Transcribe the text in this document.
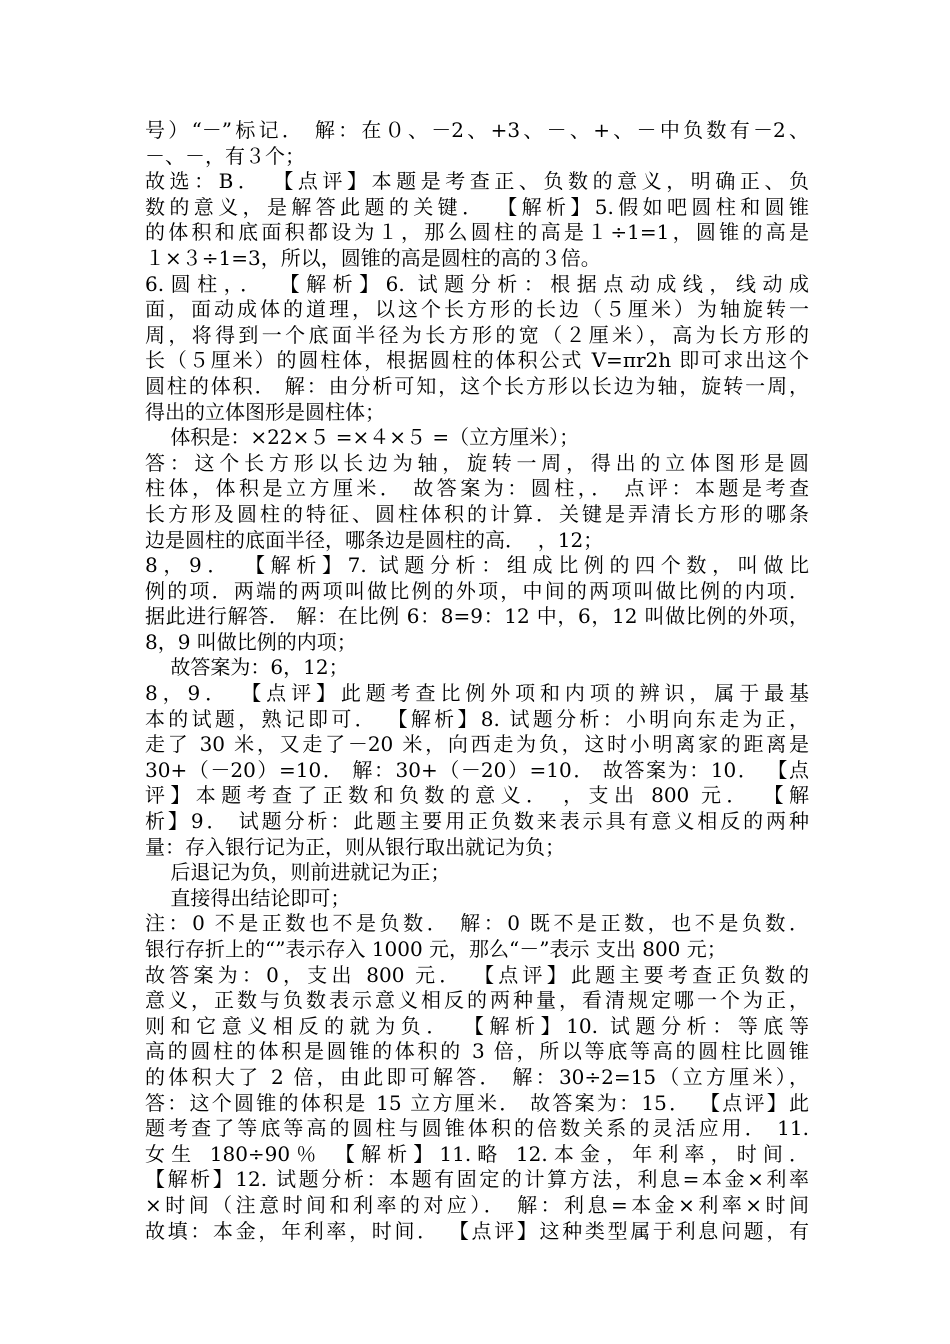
号）“－”标记． 解：在０、－2、+3、－、+、－中负数有－2、
－、－，有３个；
故选：B． 【点评】本题是考查正、负数的意义，明确正、负
数的意义，是解答此题的关键． 【解析】5.假如吧圆柱和圆锥
的体积和底面积都设为１，那么圆柱的高是１÷1=1，圆锥的高是
１×３÷1=3，所以，圆锥的高是圆柱的高的３倍。
6.圆柱，． 【解析】6. 试题分析：根据点动成线，线动成
面，面动成体的道理，以这个长方形的长边（５厘米）为轴旋转一
周，将得到一个底面半径为长方形的宽（２厘米），高为长方形的
长（５厘米）的圆柱体，根据圆柱的体积公式 V=πr2h 即可求出这个
圆柱的体积． 解：由分析可知，这个长方形以长边为轴，旋转一周，
得出的立体图形是圆柱体；
体积是：×22×５ =×４×５ =（立方厘米）；
答：这个长方形以长边为轴，旋转一周，得出的立体图形是圆
柱体，体积是立方厘米． 故答案为：圆柱，． 点评：本题是考查
长方形及圆柱的特征、圆柱体积的计算．关键是弄清长方形的哪条
边是圆柱的底面半径，哪条边是圆柱的高．  ，12；
8，9． 【解析】7. 试题分析：组成比例的四个数，叫做比
例的项．两端的两项叫做比例的外项，中间的两项叫做比例的内项．
据此进行解答． 解：在比例 6：8=9：12 中，6，12 叫做比例的外项，
8，9 叫做比例的内项；
故答案为：6，12；
8，9． 【点评】此题考查比例外项和内项的辨识，属于最基
本的试题，熟记即可． 【解析】8. 试题分析：小明向东走为正，
走了 30 米，又走了－20 米，向西走为负，这时小明离家的距离是
30+（－20）=10． 解：30+（－20）=10． 故答案为：10． 【点
评】本题考查了正数和负数的意义． ，支出 800 元． 【解
析】9． 试题分析：此题主要用正负数来表示具有意义相反的两种
量：存入银行记为正，则从银行取出就记为负；
后退记为负，则前进就记为正；
直接得出结论即可；
注：0 不是正数也不是负数． 解：0 既不是正数，也不是负数．
银行存折上的“”表示存入 1000 元，那么“－”表示 支出 800 元；
故答案为：0，支出 800 元． 【点评】此题主要考查正负数的
意义，正数与负数表示意义相反的两种量，看清规定哪一个为正，
则和它意义相反的就为负． 【解析】10. 试题分析：等底等
高的圆柱的体积是圆锥的体积的 3 倍，所以等底等高的圆柱比圆锥
的体积大了 2 倍，由此即可解答． 解：30÷2=15（立方厘米），
答：这个圆锥的体积是 15 立方厘米． 故答案为：15． 【点评】此
题考查了等底等高的圆柱与圆锥体积的倍数关系的灵活应用． 11.
女生 180÷90％ 【解析】11.略 12.本金，年利率，时间．
【解析】12. 试题分析：本题有固定的计算方法，利息=本金×利率
×时间（注意时间和利率的对应）． 解：利息=本金×利率×时间
故填：本金，年利率，时间． 【点评】这种类型属于利息问题，有
